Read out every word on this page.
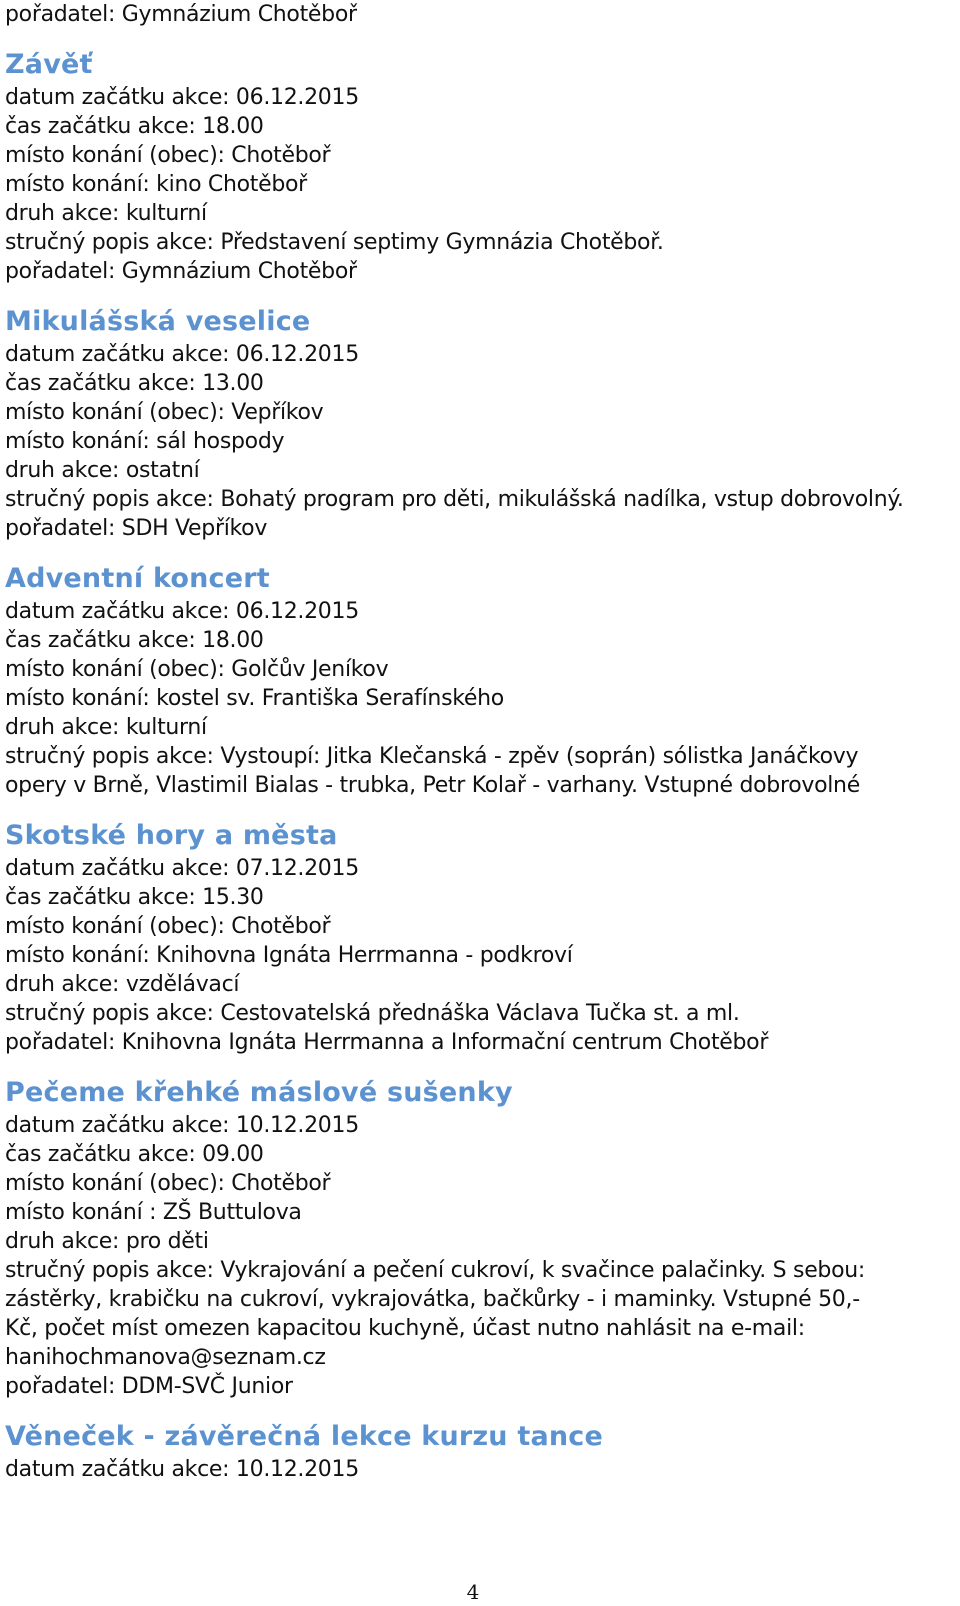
pořadatel: Gymnázium Chotěboř
Závěť
datum začátku akce: 06.12.2015
čas začátku akce: 18.00
místo konání (obec): Chotěboř
místo konání: kino Chotěboř
druh akce: kulturní
stručný popis akce: Představení septimy Gymnázia Chotěboř.
pořadatel: Gymnázium Chotěboř
Mikulášská veselice
datum začátku akce: 06.12.2015
čas začátku akce: 13.00
místo konání (obec): Vepříkov
místo konání: sál hospody
druh akce: ostatní
stručný popis akce: Bohatý program pro děti, mikulášská nadílka, vstup dobrovolný.
pořadatel: SDH Vepříkov
Adventní koncert
datum začátku akce: 06.12.2015
čas začátku akce: 18.00
místo konání (obec): Golčův Jeníkov
místo konání: kostel sv. Františka Serafínského
druh akce: kulturní
stručný popis akce: Vystoupí: Jitka Klečanská - zpěv (soprán) sólistka Janáčkovy
opery v Brně, Vlastimil Bialas - trubka, Petr Kolař - varhany. Vstupné dobrovolné
Skotské hory a města
datum začátku akce: 07.12.2015
čas začátku akce: 15.30
místo konání (obec): Chotěboř
místo konání: Knihovna Ignáta Herrmanna - podkroví
druh akce: vzdělávací
stručný popis akce: Cestovatelská přednáška Václava Tučka st. a ml.
pořadatel: Knihovna Ignáta Herrmanna a Informační centrum Chotěboř
Pečeme křehké máslové sušenky
datum začátku akce: 10.12.2015
čas začátku akce: 09.00
místo konání (obec): Chotěboř
místo konání : ZŠ Buttulova
druh akce: pro děti
stručný popis akce: Vykrajování a pečení cukroví, k svačince palačinky. S sebou:
zástěrky, krabičku na cukroví, vykrajovátka, bačkůrky - i maminky. Vstupné 50,-
Kč, počet míst omezen kapacitou kuchyně, účast nutno nahlásit na e-mail:
hanihochmanova@seznam.cz
pořadatel: DDM-SVČ Junior
Věneček - závěrečná lekce kurzu tance
datum začátku akce: 10.12.2015
4
